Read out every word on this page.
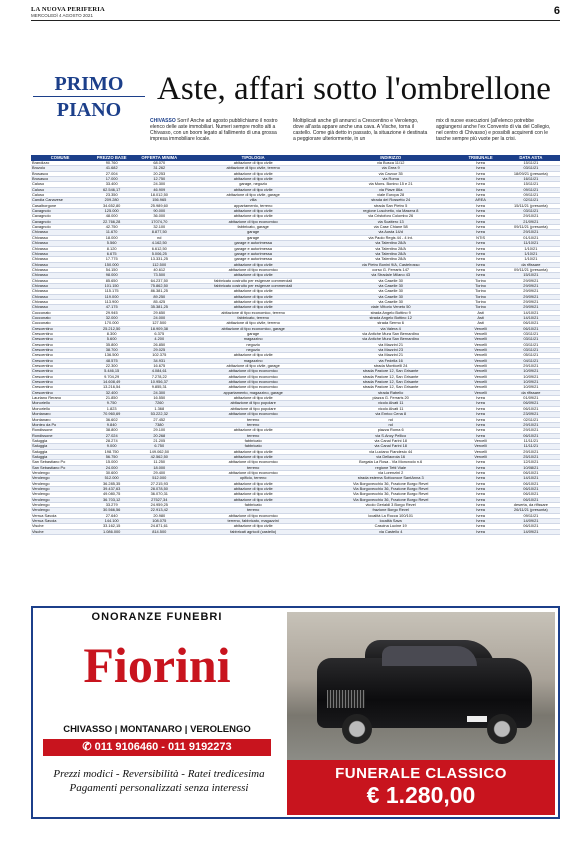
LA NUOVA PERIFERIA
MERCOLEDÌ 4 AGOSTO 2021	6
PRIMO
PIANO
Aste, affari sotto l'ombrellone
CHIVASSO Sorri! Anche ad agosto pubblichiamo il nostro elenco delle aste immobiliari. Numeri sempre molto alti a Chivasso, con un boom legato al fallimento di una grossa impresa immobiliare locale.
Moltiplicati anche gli annunci a Crescentino e Verolengo, dove all'asta appare anche una cava. A Vische, torna il castello. Come già detto in passato, la situazione è destinata a peggiorare ulteriormente, in un
mix di nuove esecuzioni (all'elenco potrebbe aggiungersi anche l'ex Convento di via del Collegio, nel centro di Chivasso) e possibili acquirenti con le tasche sempre più vuote per la crisi.
COMUNE	PREZZO BASE	OFFERTA MINIMA	TIPOLOGIA	INDIRIZZO	TRIBUNALE	DATA ASTA
Brandizzo	90.760	68.070	abitazione di tipo civile	via Busca 11/12	Ivrea	15/11/21
Brozolo	41.682	31.262	abitazione di tipo civile, terreno	via Grea 9	Ivrea	03/11/21
Brusasco	27.004	20.253	abitazione di tipo civile	via Cavour 35	Ivrea	18/09/21 (presunta)
Brusasco	17.000	12.750	abitazione di tipo civile	via Roma	Ivrea	16/11/21
Caluso	33.400	24.300	garage, negozio	via Mons. Bonino 15 e 21	Ivrea	15/11/21
Caluso	62.546,17	46.909	abitazione di tipo civile	via Piave 86a	Ivrea	09/11/21
Caluso	23.350	18.012,50	abitazione di tipo civile, garage	viale Europa 28	Ivrea	09/11/21
Candia Canavese	209.280	156.965	villa	strada del Rossetto 24	AREA	02/11/21
Casalborgone	34.652,80	25.989,60	appartamento, terreno	strada San Pietro 5	Ivrea	15/11/21 (presunta)
Cavagnolo	125.000	90.000	abitazione di tipo civile	regione Luschetto, via Masera 8	Ivrea	03/11/21
Cavagnolo	48.000	36.000	abitazione di tipo civile	via Cristoforo Colombo 26	Ivrea	29/10/21
Cavagnolo	22.766,28	17074,70	abitazione di tipo economico	via Scattero 13	Ivrea	21/09/21
Cavagnolo	42.750	32.100	fabbricato, garage	via Case Chiane 58	Ivrea	09/11/21 (presunta)
Chivasso	11.670	8.877,50	garage	via Aosta 14/d	Ivrea	29/10/21
Chivasso	18.000	nd	garage	via Paolo Regis 44 - 4 int.	NTIS	01/10/21
Chivasso	5.560	4.162,50	garage e autorimessa	via Talentino 28/A	Ivrea	11/10/21
Chivasso	8.120	6.612,50	garage e autorimessa	via Talentino 28/A	Ivrea	1/10/21
Chivasso	6.675	5.006,25	garage e autorimessa	via Talentino 28/A	Ivrea	1/10/21
Chivasso	17.775	13.331,25	garage e autorimessa	via Talentino 28/A	Ivrea	1/10/21
Chivasso	150.000	112.500	abitazione di tipo civile	via Pietro Bonini 9/A, Castelrosso	Ivrea	da rifissare
Chivasso	54.150	40.612	abitazione di tipo economico	corso G. Ferraris 147	Ivrea	09/11/21 (presunta)
Chivasso	98.000	73.500	abitazione di tipo civile	via Strada/e Milano 43	Ivrea	15/10/21
Chivasso	85.650	64.237,50	fabbricato costruito per esigenze commerciali	via Caselle 30	Torino	29/09/21
Chivasso	101.150	75.862,50	fabbricato costruito per esigenze commerciali	via Caselle 30	Torino	29/09/21
Chivasso	115.175	86.381,25	abitazione di tipo civile	via Caselle 30	Torino	29/09/21
Chivasso	119.000	89.250	abitazione di tipo civile	via Caselle 30	Torino	29/09/21
Chivasso	113.900	85.425	abitazione di tipo civile	via Caselle 30	Torino	29/09/21
Chivasso	47.175	35.381,25	abitazione di tipo civile	viale Vittorio Veneto 50	Torino	29/09/21
Cocconato	29.945	29.650	abitazione di tipo economico, terreno	strada Angelo Bottino 9	Asti	14/10/21
Cocconato	32.000	24.000	fabbricato, terreno	strada Angelo Bottino 12	Asti	14/10/21
Cocconato	170.000	127.500	abitazione di tipo civile, terreno	strada Sermo 6	Asti	06/10/21
Crescentino	25.212,50	18.909,38	abitazione di tipo economico, garage	via Valera 4	Vercelli	06/10/21
Crescentino	8.300	6.375	garage	via Antiche Mura San Bernardino	Vercelli	03/11/21
Crescentino	5.600	4.200	magazzino	via Antiche Mura San Bernardino	Vercelli	03/11/21
Crescentino	35.800	26.850	negozio	via Mazzini 21	Vercelli	03/11/21
Crescentino	38.700	29.025	negozio	via Mazzini 23	Vercelli	03/11/21
Crescentino	136.500	102.375	abitazione di tipo civile	via Mazzini 21	Vercelli	05/11/21
Crescentino	48.575	34.931	magazzino	via Fedella 16	Vercelli	04/11/21
Crescentino	22.300	16.675	abitazione di tipo civile, garage	strada Monticelli 24	Vercelli	29/10/21
Crescentino	5.446,15	4.084,61	abitazione di tipo economico	strada Pastore 12, San Grisante	Vercelli	10/09/21
Crescentino	9.704,29	7.278,22	abitazione di tipo economico	strada Pastore 12, San Grisante	Vercelli	10/09/21
Crescentino	14.608,49	10.956,37	abitazione di tipo economico	strada Pastore 12, San Grisante	Vercelli	10/09/21
Crescentino	13.216,54	9.855,31	abitazione di tipo economico	strada Pastore 12, San Grisante	Vercelli	10/09/21
Crescentino	32.400	24.300	appartamento, magazzino, garage	strada Rabelio	Vercelli	da rifissare
Lauriano Rerano	21.850	16.550	abitazione di tipo civile	piazza G. Ferraris 20	Ivrea	01/09/21
Monoriello	9.750	7260	abitazione di tipo popolare	vicolo Alvati 11	Ivrea	06/09/21
Monoriello	1.823	1.368	abitazione di tipo popolare	vicolo Alvati 11	Ivrea	06/10/21
Montanaro	70.960,69	53.222,32	abitazione di tipo economico	via Enrico Cena 8	Ivrea	23/09/21
Montanaro	36.602	27.452	terreno	nd	Ivrea	02/11/21
Monteu da Po	9.840	7380	terreno	nd	Ivrea	29/10/21
Rondissone	38.800	29.100	abitazione di tipo civile	piazza Roma 6	Ivrea	29/10/21
Rondissone	27.024	20.268	terreno	via S.Ancy Pellico	Ivrea	06/10/21
Saluggia	28.274	21.205	fabbricato	via Canal Farini 18	Vercelli	11/11/21
Saluggia	9.000	6.750	fabbricato	via Canal Farini 18	Vercelli	11/11/21
Saluggia	198.750	149.062,50	abitazione di tipo civile	via Luciano Fiandesio 44	Vercelli	29/10/21
Saluggia	56.750	42.562,50	abitazione di tipo civile	via Dellacroia 16	Vercelli	25/10/21
San Sebastiano Po	15.000	11.250	abitazione di tipo economico	Borgata La Rosa - Via Moncrodo n.6	Ivrea	12/10/21
San Sebastiano Po	24.000	18.000	terreno	regione Tetti Viale	Ivrea	10/08/21
Verolengo	30.600	29.400	abitazione di tipo economico	via Lorenzini 2	Ivrea	06/10/21
Verolengo	512.000	512.000	opificio, terreno	strada esterna Sottocroce SantAnna 3	Ivrea	14/10/21
Verolengo	36.285,35	27.215,93	abitazione di tipo civile	Via Borgovecchio 36, Frazione Borgo Revel	Ivrea	06/10/21
Verolengo	39.437,63	28.078,50	abitazione di tipo civile	Via Borgovecchio 36, Frazione Borgo Revel	Ivrea	06/10/21
Verolengo	49.080,75	36.070,31	abitazione di tipo civile	Via Borgovecchio 36, Frazione Borgo Revel	Ivrea	06/10/21
Verolengo	36.703,12	27527,34	abitazione di tipo civile	Via Borgovecchio 36, Frazione Borgo Revel	Ivrea	06/10/21
Verolengo	33.279	24.959,25	fabbricato	vicolo Gerialdi 3 Borgo Revel	Ivrea	deserta, da rifissare
Verolengo	30.566,56	22.913,42	terreno	frazione Borgo Revel	Ivrea	26/11/21 (presunta)
Verrua Savoia	27.640	20.980	abitazione di tipo economico	località La Rocca 100/101	Ivrea	09/11/21
Verrua Savoia	144.100	108.075	terreno, fabbricato, magazzini	località Sava	Ivrea	14/09/21
Vische	33.162,15	24.871,61	abitazione di tipo civile	Cascina Lucine 19	Ivrea	06/10/21
Vische	1.086.000	814.500	fabbricati agricoli (castello)	via Castello 4	Ivrea	14/09/21
ONORANZE FUNEBRI
Fiorini
CHIVASSO | MONTANARO | VEROLENGO
✆ 011 9106460 - 011 9192273
Prezzi modici - Reversibilità - Ratei tredicesima
Pagamenti personalizzati senza interessi
FUNERALE CLASSICO
€ 1.280,00
